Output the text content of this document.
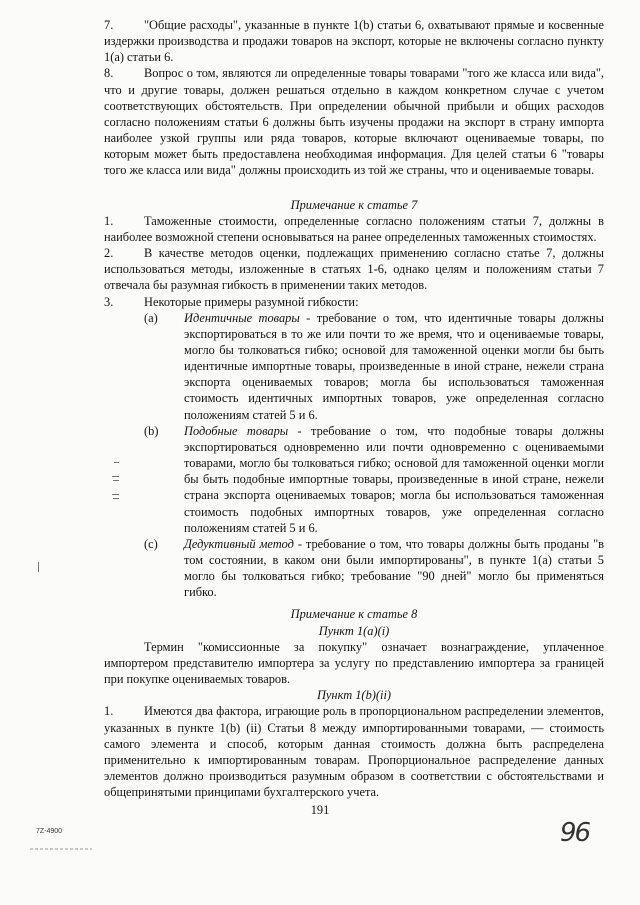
7. "Общие расходы", указанные в пункте 1(b) статьи 6, охватывают прямые и косвенные издержки производства и продажи товаров на экспорт, которые не включены согласно пункту 1(a) статьи 6.

8. Вопрос о том, являются ли определенные товары товарами "того же класса или вида", что и другие товары, должен решаться отдельно в каждом конкретном случае с учетом соответствующих обстоятельств. При определении обычной прибыли и общих расходов согласно положениям статьи 6 должны быть изучены продажи на экспорт в страну импорта наиболее узкой группы или ряда товаров, которые включают оцениваемые товары, по которым может быть предоставлена необходимая информация. Для целей статьи 6 "товары того же класса или вида" должны происходить из той же страны, что и оцениваемые товары.

Примечание к статье 7

1. Таможенные стоимости, определенные согласно положениям статьи 7, должны в наиболее возможной степени основываться на ранее определенных таможенных стоимостях.

2. В качестве методов оценки, подлежащих применению согласно статье 7, должны использоваться методы, изложенные в статьях 1-6, однако целям и положениям статьи 7 отвечала бы разумная гибкость в применении таких методов.

3. Некоторые примеры разумной гибкости:

(a) Идентичные товары - требование о том, что идентичные товары должны экспортироваться в то же или почти то же время, что и оцениваемые товары, могло бы толковаться гибко; основой для таможенной оценки могли бы быть идентичные импортные товары, произведенные в иной стране, нежели страна экспорта оцениваемых товаров; могла бы использоваться таможенная стоимость идентичных импортных товаров, уже определенная согласно положениям статей 5 и 6.
(b) Подобные товары - требование о том, что подобные товары должны экспортироваться одновременно или почти одновременно с оцениваемыми товарами, могло бы толковаться гибко; основой для таможенной оценки могли бы быть подобные импортные товары, произведенные в иной стране, нежели страна экспорта оцениваемых товаров; могла бы использоваться таможенная стоимость подобных импортных товаров, уже определенная согласно положениям статей 5 и 6.
(c) Дедуктивный метод - требование о том, что товары должны быть проданы "в том состоянии, в каком они были импортированы", в пункте 1(a) статьи 5 могло бы толковаться гибко; требование "90 дней" могло бы применяться гибко.

Примечание к статье 8

Пункт 1(a)(i)

Термин "комиссионные за покупку" означает вознаграждение, уплаченное импортером представителю импортера за услугу по представлению импортера за границей при покупке оцениваемых товаров.

Пункт 1(b)(ii)

1. Имеются два фактора, играющие роль в пропорциональном распределении элементов, указанных в пункте 1(b) (ii) Статьи 8 между импортированными товарами, — стоимость самого элемента и способ, которым данная стоимость должна быть распределена применительно к импортированным товарам. Пропорциональное распределение данных элементов должно производиться разумным образом в соответствии с обстоятельствами и общепринятыми принципами бухгалтерского учета.

191
7Z-4900	96
